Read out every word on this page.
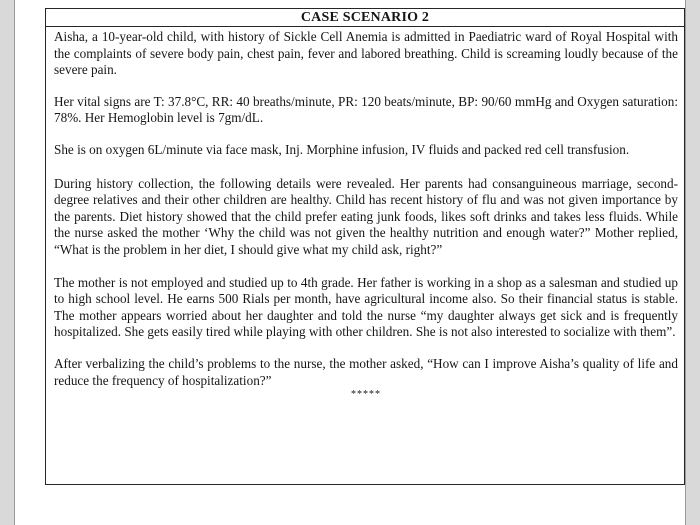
CASE SCENARIO 2

Aisha, a 10-year-old child, with history of Sickle Cell Anemia is admitted in Paediatric ward of Royal Hospital with the complaints of severe body pain, chest pain, fever and labored breathing. Child is screaming loudly because of the severe pain.

Her vital signs are T: 37.8°C, RR: 40 breaths/minute, PR: 120 beats/minute, BP: 90/60 mmHg and Oxygen saturation: 78%. Her Hemoglobin level is 7gm/dL.

She is on oxygen 6L/minute via face mask, Inj. Morphine infusion, IV fluids and packed red cell transfusion.

During history collection, the following details were revealed. Her parents had consanguineous marriage, second-degree relatives and their other children are healthy. Child has recent history of flu and was not given importance by the parents. Diet history showed that the child prefer eating junk foods, likes soft drinks and takes less fluids. While the nurse asked the mother ‘Why the child was not given the healthy nutrition and enough water?” Mother replied, “What is the problem in her diet, I should give what my child ask, right?”

The mother is not employed and studied up to 4th grade. Her father is working in a shop as a salesman and studied up to high school level. He earns 500 Rials per month, have agricultural income also. So their financial status is stable. The mother appears worried about her daughter and told the nurse “my daughter always get sick and is frequently hospitalized. She gets easily tired while playing with other children. She is not also interested to socialize with them”.

After verbalizing the child’s problems to the nurse, the mother asked, “How can I improve Aisha’s quality of life and reduce the frequency of hospitalization?”

*****
